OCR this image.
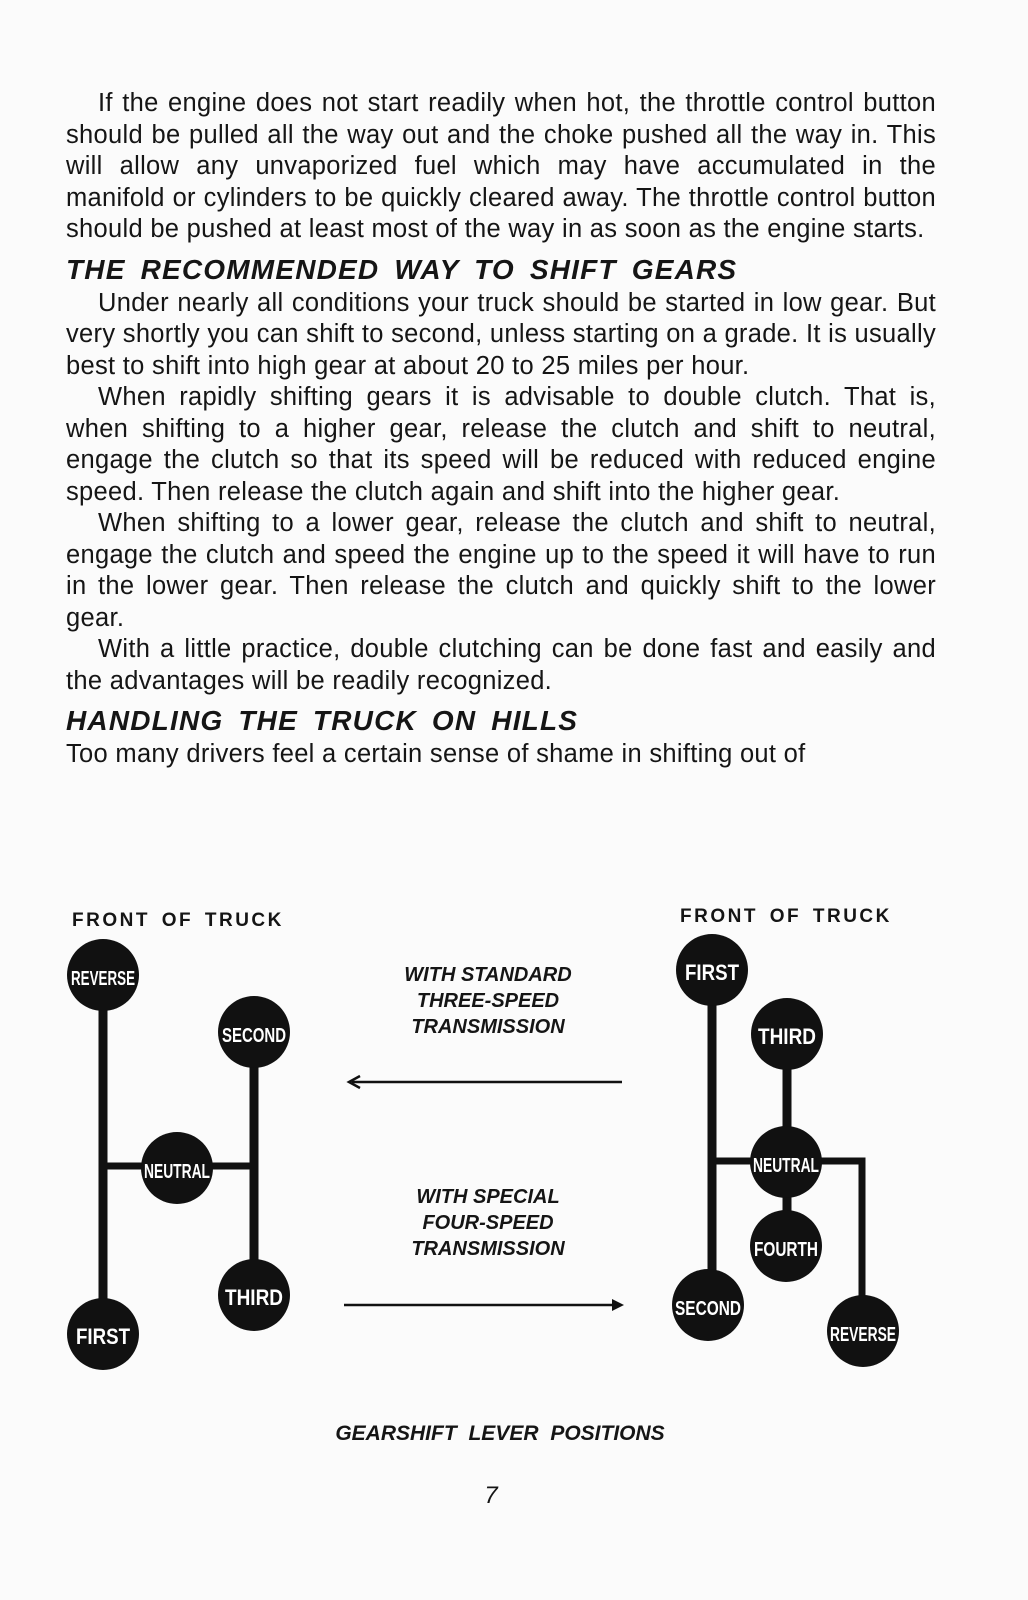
If the engine does not start readily when hot, the throttle control button should be pulled all the way out and the choke pushed all the way in. This will allow any unvaporized fuel which may have accumulated in the manifold or cylinders to be quickly cleared away. The throttle control button should be pushed at least most of the way in as soon as the engine starts.

THE RECOMMENDED WAY TO SHIFT GEARS

Under nearly all conditions your truck should be started in low gear. But very shortly you can shift to second, unless starting on a grade. It is usually best to shift into high gear at about 20 to 25 miles per hour.

When rapidly shifting gears it is advisable to double clutch. That is, when shifting to a higher gear, release the clutch and shift to neutral, engage the clutch so that its speed will be reduced with reduced engine speed. Then release the clutch again and shift into the higher gear.

When shifting to a lower gear, release the clutch and shift to neutral, engage the clutch and speed the engine up to the speed it will have to run in the lower gear. Then release the clutch and quickly shift to the lower gear.

With a little practice, double clutching can be done fast and easily and the advantages will be readily recognized.

HANDLING THE TRUCK ON HILLS

Too many drivers feel a certain sense of shame in shifting out of

FRONT OF TRUCK	FRONT OF TRUCK
WITH STANDARD
THREE-SPEED
TRANSMISSION
WITH SPECIAL
FOUR-SPEED
TRANSMISSION
REVERSE
SECOND
NEUTRAL
THIRD
FIRST
FIRST
THIRD
NEUTRAL
FOURTH
SECOND
REVERSE
GEARSHIFT LEVER POSITIONS
7
